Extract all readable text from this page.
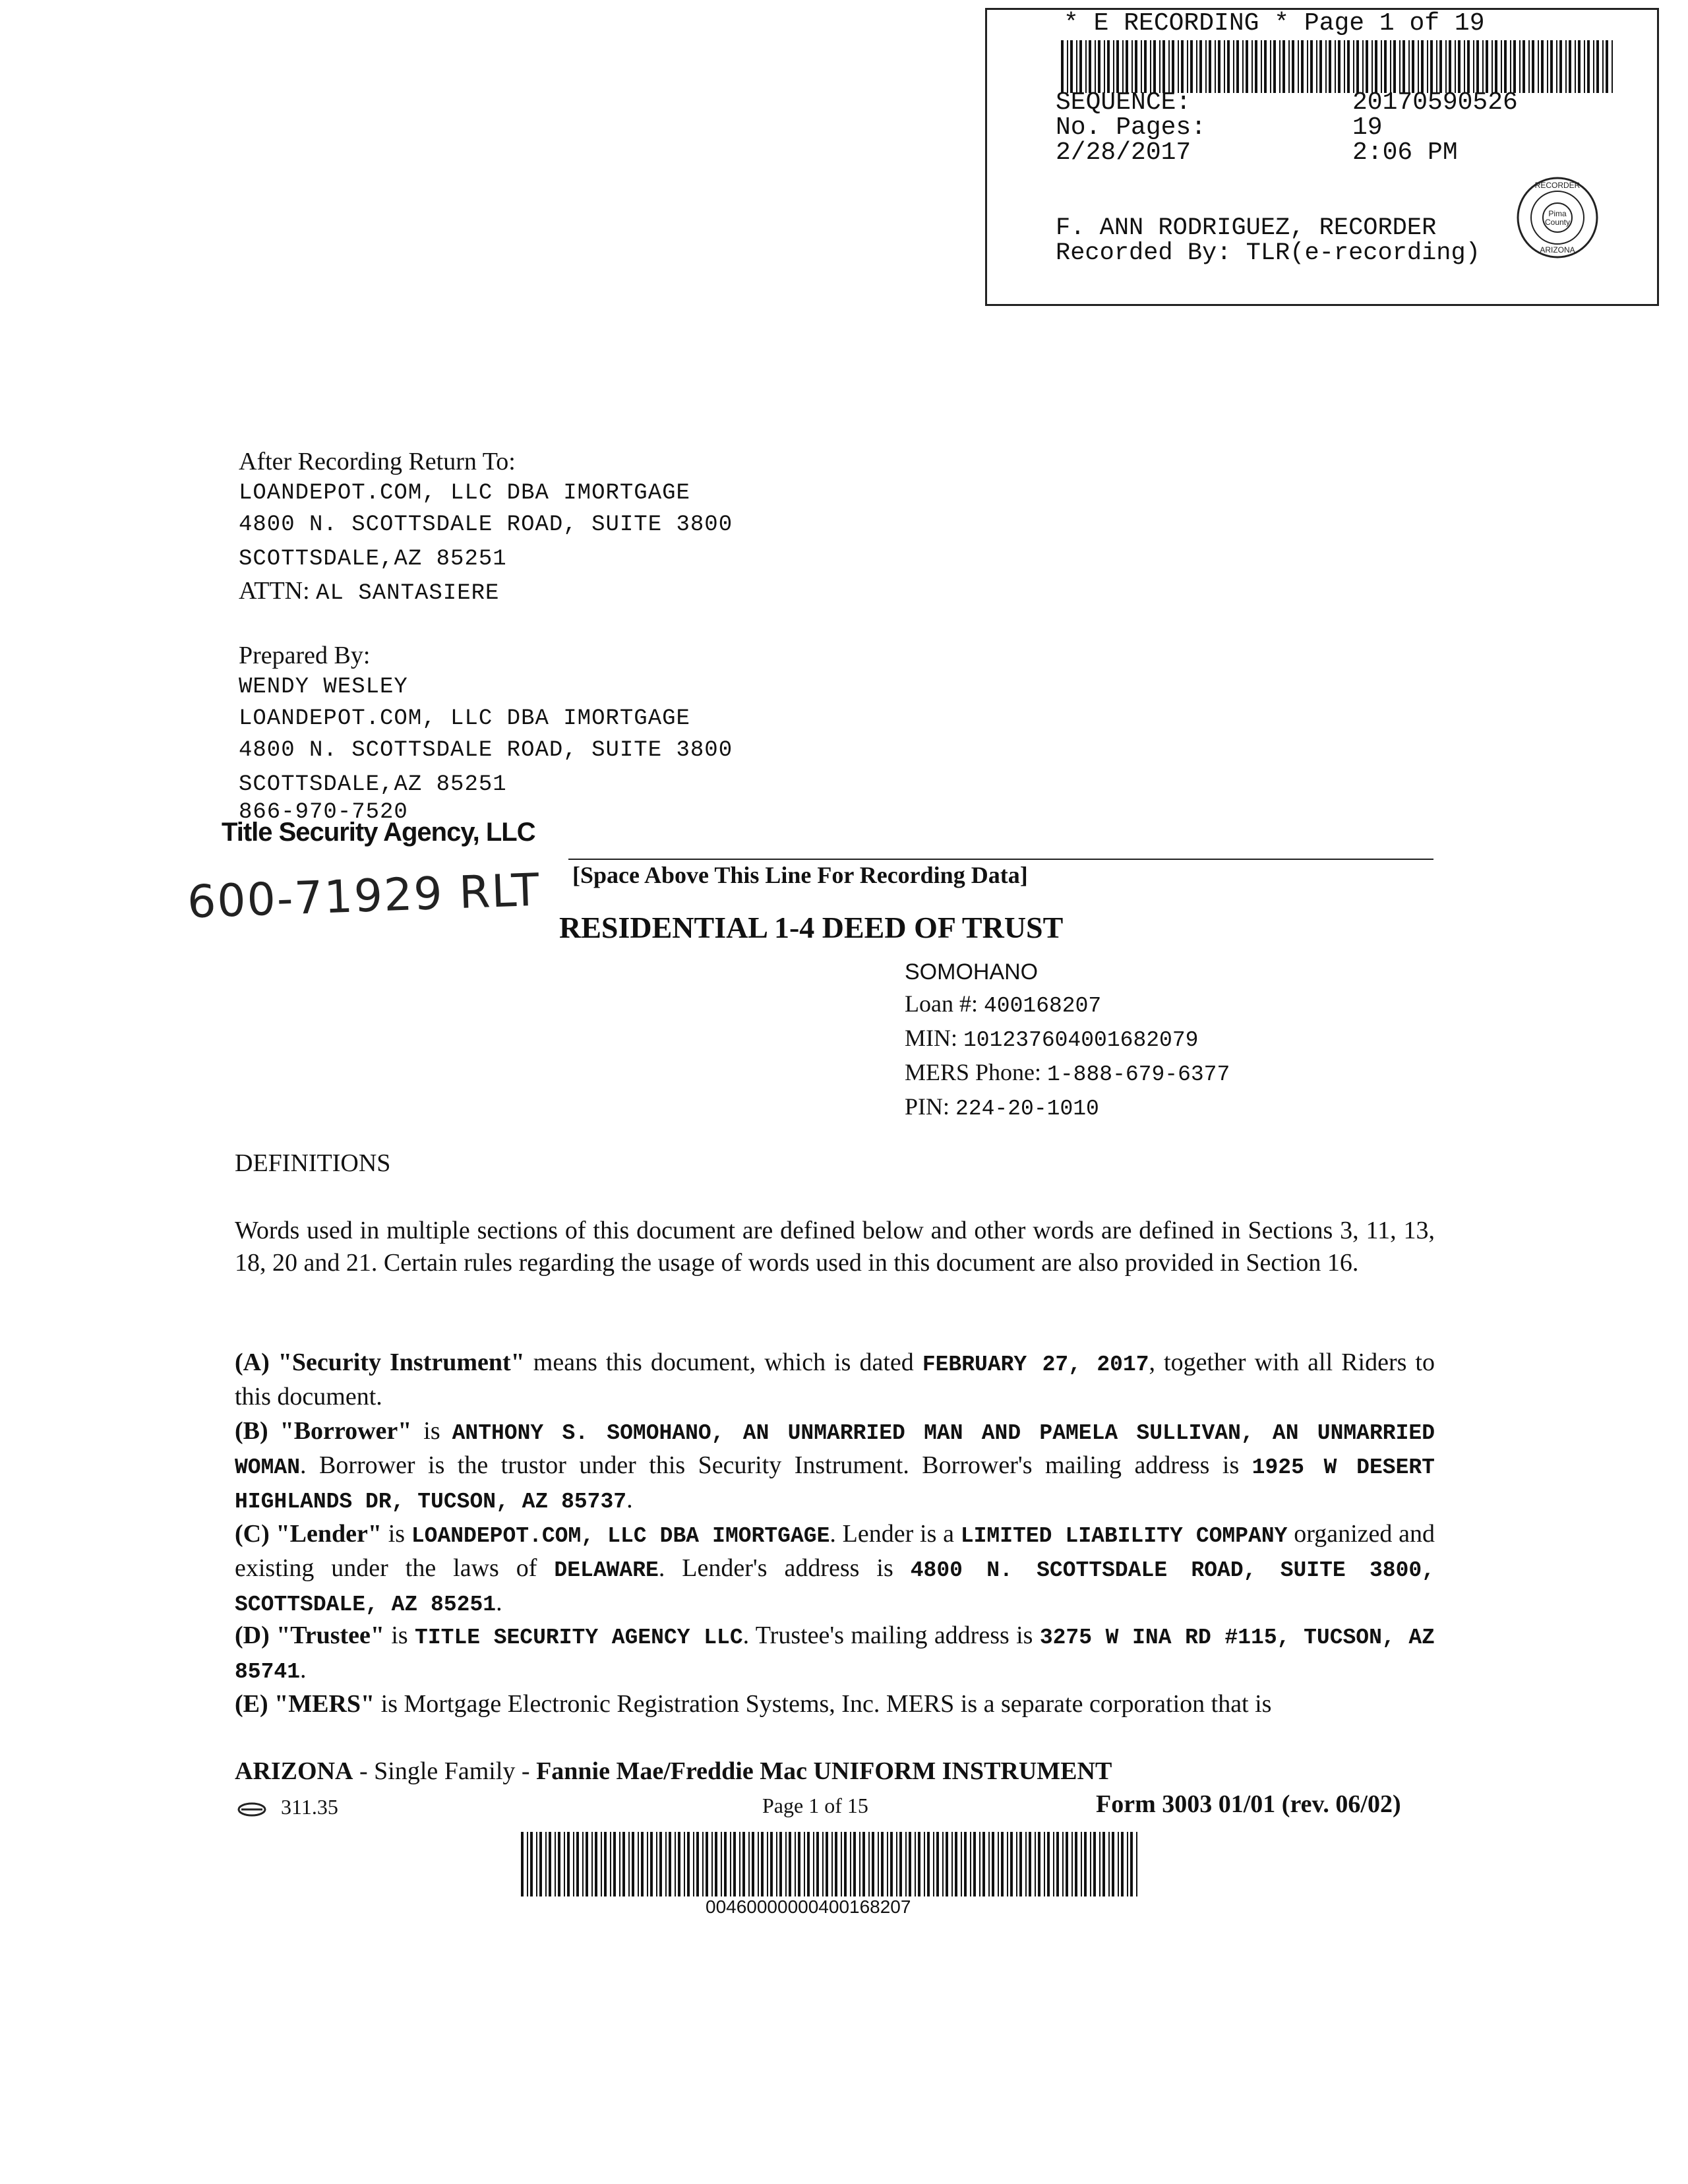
* E RECORDING * Page 1 of 19
SEQUENCE:	20170590526
No. Pages:	19
2/28/2017	2:06 PM
F. ANN RODRIGUEZ, RECORDER
Recorded By: TLR(e-recording)
Pima
County
RECORDER
ARIZONA
After Recording Return To:
LOANDEPOT.COM, LLC DBA IMORTGAGE
4800 N. SCOTTSDALE ROAD, SUITE 3800
SCOTTSDALE,AZ 85251
ATTN: AL SANTASIERE
Prepared By:
WENDY WESLEY
LOANDEPOT.COM, LLC DBA IMORTGAGE
4800 N. SCOTTSDALE ROAD, SUITE 3800
SCOTTSDALE,AZ 85251
866-970-7520
Title Security Agency, LLC
600-71929 RLT [Space Above This Line For Recording Data]
RESIDENTIAL 1-4 DEED OF TRUST
SOMOHANO
Loan #: 400168207
MIN: 101237604001682079
MERS Phone: 1-888-679-6377
PIN: 224-20-1010
DEFINITIONS
Words used in multiple sections of this document are defined below and other words are defined in Sections 3, 11, 13, 18, 20 and 21. Certain rules regarding the usage of words used in this document are also provided in Section 16.
(A) "Security Instrument" means this document, which is dated FEBRUARY 27, 2017, together with all Riders to this document.
(B) "Borrower" is ANTHONY S. SOMOHANO, AN UNMARRIED MAN AND PAMELA SULLIVAN, AN UNMARRIED WOMAN. Borrower is the trustor under this Security Instrument. Borrower's mailing address is 1925 W DESERT HIGHLANDS DR, TUCSON, AZ 85737.
(C) "Lender" is LOANDEPOT.COM, LLC DBA IMORTGAGE. Lender is a LIMITED LIABILITY COMPANY organized and existing under the laws of DELAWARE. Lender's address is 4800 N. SCOTTSDALE ROAD, SUITE 3800, SCOTTSDALE, AZ 85251.
(D) "Trustee" is TITLE SECURITY AGENCY LLC. Trustee's mailing address is 3275 W INA RD #115, TUCSON, AZ 85741.
(E) "MERS" is Mortgage Electronic Registration Systems, Inc. MERS is a separate corporation that is
ARIZONA - Single Family - Fannie Mae/Freddie Mac UNIFORM INSTRUMENT
311.35	Page 1 of 15	Form 3003 01/01 (rev. 06/02)
00460000000400168207
